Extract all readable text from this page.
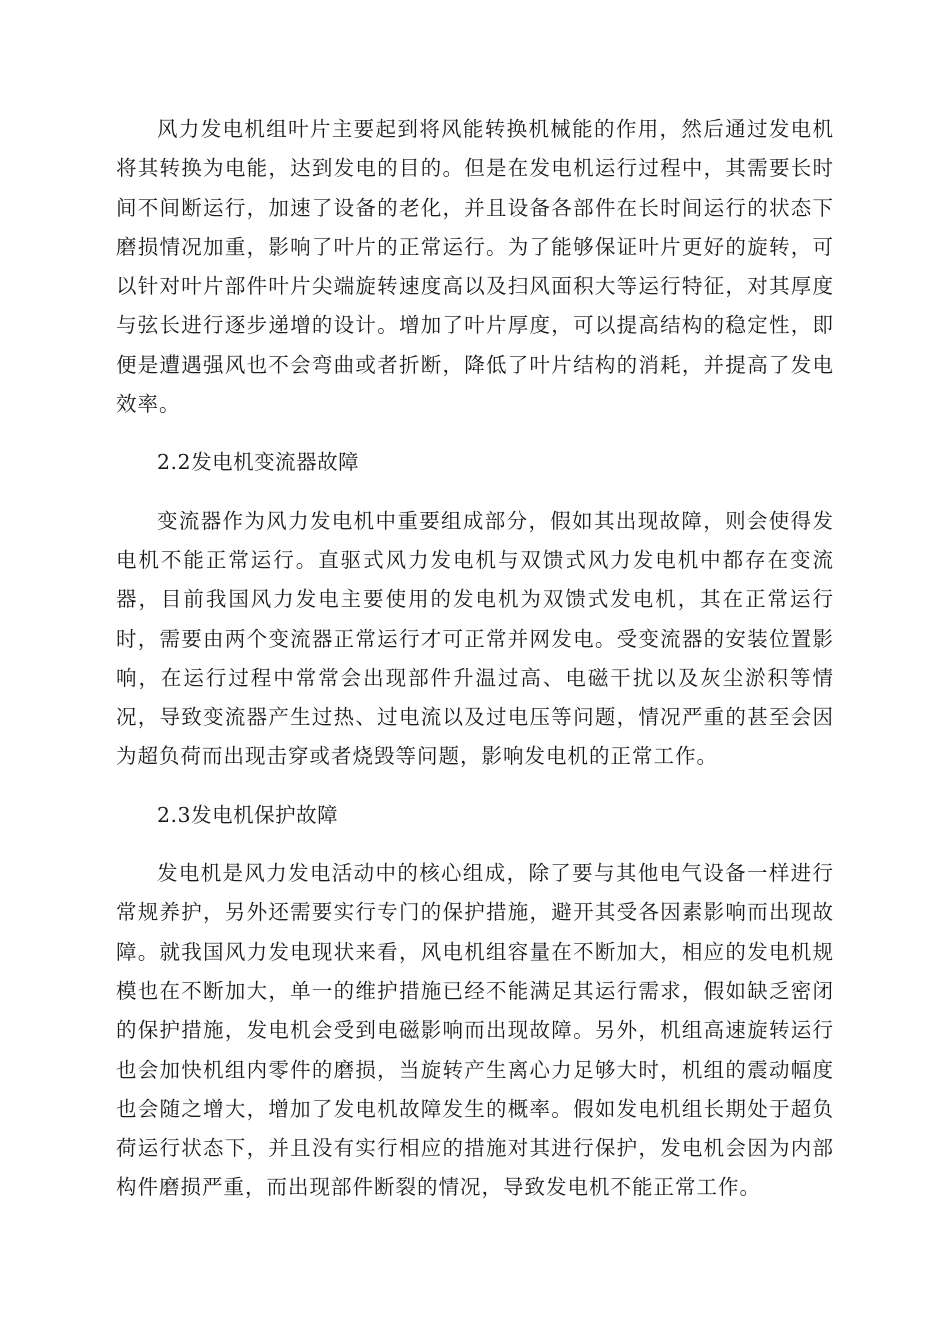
风力发电机组叶片主要起到将风能转换机械能的作用，然后通过发电机将其转换为电能，达到发电的目的。但是在发电机运行过程中，其需要长时间不间断运行，加速了设备的老化，并且设备各部件在长时间运行的状态下磨损情况加重，影响了叶片的正常运行。为了能够保证叶片更好的旋转，可以针对叶片部件叶片尖端旋转速度高以及扫风面积大等运行特征，对其厚度与弦长进行逐步递增的设计。增加了叶片厚度，可以提高结构的稳定性，即便是遭遇强风也不会弯曲或者折断，降低了叶片结构的消耗，并提高了发电效率。

2.2发电机变流器故障

变流器作为风力发电机中重要组成部分，假如其出现故障，则会使得发电机不能正常运行。直驱式风力发电机与双馈式风力发电机中都存在变流器，目前我国风力发电主要使用的发电机为双馈式发电机，其在正常运行时，需要由两个变流器正常运行才可正常并网发电。受变流器的安装位置影响，在运行过程中常常会出现部件升温过高、电磁干扰以及灰尘淤积等情况，导致变流器产生过热、过电流以及过电压等问题，情况严重的甚至会因为超负荷而出现击穿或者烧毁等问题，影响发电机的正常工作。

2.3发电机保护故障

发电机是风力发电活动中的核心组成，除了要与其他电气设备一样进行常规养护，另外还需要实行专门的保护措施，避开其受各因素影响而出现故障。就我国风力发电现状来看，风电机组容量在不断加大，相应的发电机规模也在不断加大，单一的维护措施已经不能满足其运行需求，假如缺乏密闭的保护措施，发电机会受到电磁影响而出现故障。另外，机组高速旋转运行也会加快机组内零件的磨损，当旋转产生离心力足够大时，机组的震动幅度也会随之增大，增加了发电机故障发生的概率。假如发电机组长期处于超负荷运行状态下，并且没有实行相应的措施对其进行保护，发电机会因为内部构件磨损严重，而出现部件断裂的情况，导致发电机不能正常工作。
